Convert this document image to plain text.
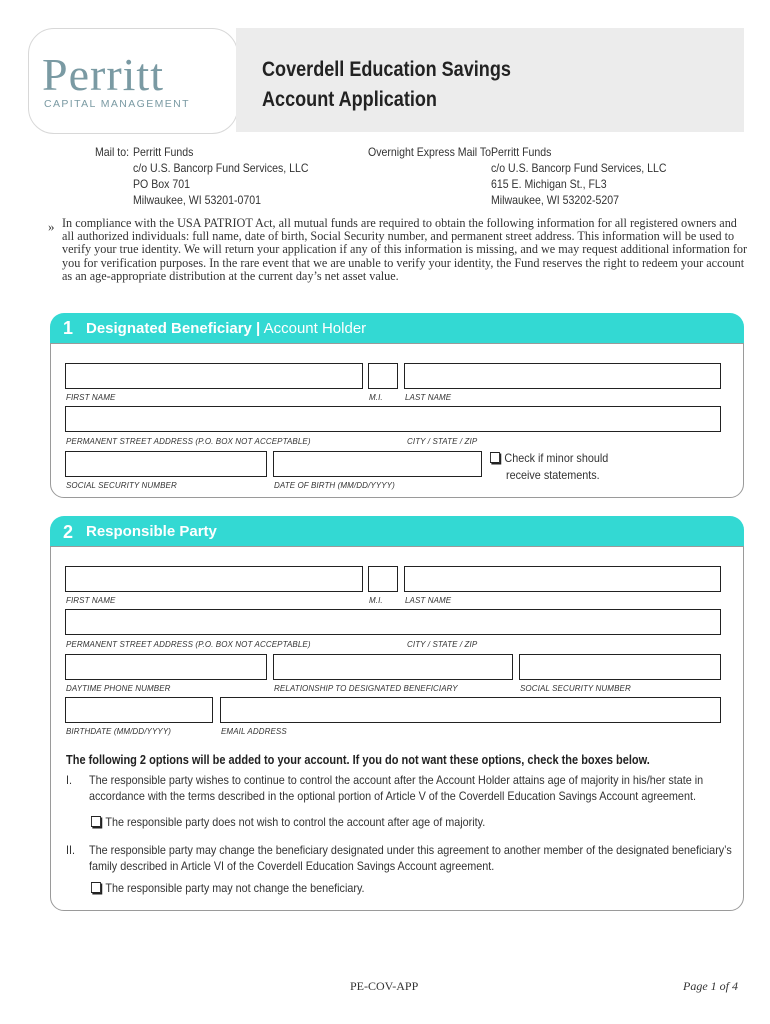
Perritt
CAPITAL MANAGEMENT
Coverdell Education Savings
Account Application
Mail to: Perritt Funds
c/o U.S. Bancorp Fund Services, LLC
PO Box 701
Milwaukee, WI 53201-0701
Overnight Express Mail To:
Perritt Funds
c/o U.S. Bancorp Fund Services, LLC
615 E. Michigan St., FL3
Milwaukee, WI 53202-5207
» In compliance with the USA PATRIOT Act, all mutual funds are required to obtain the following information for all registered owners and all authorized individuals: full name, date of birth, Social Security number, and permanent street address. This information will be used to verify your true identity. We will return your application if any of this information is missing, and we may request additional information for you for verification purposes. In the rare event that we are unable to verify your identity, the Fund reserves the right to redeem your account as an age-appropriate distribution at the current day’s net asset value.
1 Designated Beneficiary | Account Holder
FIRST NAME	M.I.	LAST NAME
PERMANENT STREET ADDRESS (P.O. BOX NOT ACCEPTABLE)	CITY / STATE / ZIP
SOCIAL SECURITY NUMBER	DATE OF BIRTH (MM/DD/YYYY)
Check if minor should
receive statements.
2 Responsible Party
FIRST NAME	M.I.	LAST NAME
PERMANENT STREET ADDRESS (P.O. BOX NOT ACCEPTABLE)	CITY / STATE / ZIP
DAYTIME PHONE NUMBER	RELATIONSHIP TO DESIGNATED BENEFICIARY	SOCIAL SECURITY NUMBER
BIRTHDATE (MM/DD/YYYY)	EMAIL ADDRESS
The following 2 options will be added to your account. If you do not want these options, check the boxes below.
I. The responsible party wishes to continue to control the account after the Account Holder attains age of majority in his/her state in
accordance with the terms described in the optional portion of Article V of the Coverdell Education Savings Account agreement.
The responsible party does not wish to control the account after age of majority.
II. The responsible party may change the beneficiary designated under this agreement to another member of the designated beneficiary’s
family described in Article VI of the Coverdell Education Savings Account agreement.
The responsible party may not change the beneficiary.
PE-COV-APP	Page 1 of 4
